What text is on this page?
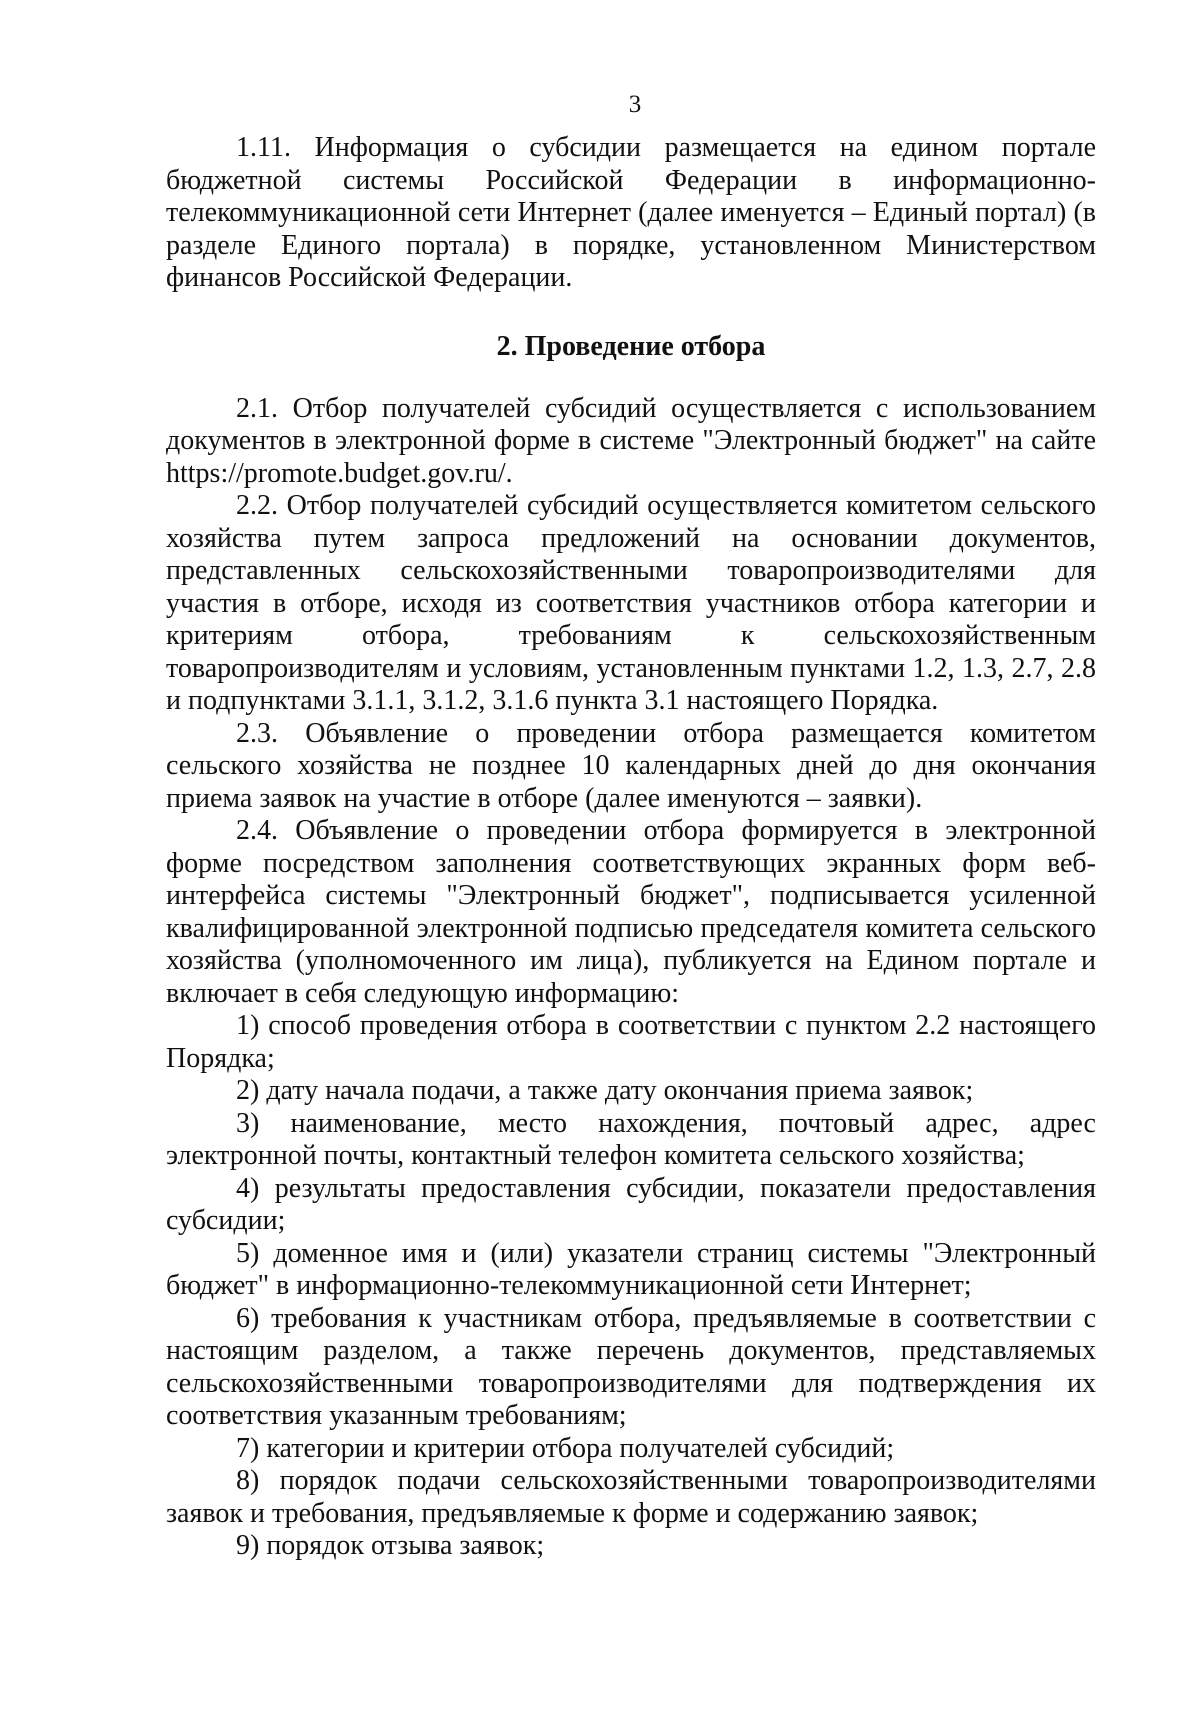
3

1.11. Информация о субсидии размещается на едином портале бюджетной системы Российской Федерации в информационно-телекоммуникационной сети Интернет (далее именуется – Единый портал) (в разделе Единого портала) в порядке, установленном Министерством финансов Российской Федерации.

2. Проведение отбора

2.1. Отбор получателей субсидий осуществляется с использованием документов в электронной форме в системе "Электронный бюджет" на сайте https://promote.budget.gov.ru/.

2.2. Отбор получателей субсидий осуществляется комитетом сельского хозяйства путем запроса предложений на основании документов, представленных сельскохозяйственными товаропроизводителями для участия в отборе, исходя из соответствия участников отбора категории и критериям отбора, требованиям к сельскохозяйственным товаропроизводителям и условиям, установленным пунктами 1.2, 1.3, 2.7, 2.8 и подпунктами 3.1.1, 3.1.2, 3.1.6 пункта 3.1 настоящего Порядка.

2.3. Объявление о проведении отбора размещается комитетом сельского хозяйства не позднее 10 календарных дней до дня окончания приема заявок на участие в отборе (далее именуются – заявки).

2.4. Объявление о проведении отбора формируется в электронной форме посредством заполнения соответствующих экранных форм веб-интерфейса системы "Электронный бюджет", подписывается усиленной квалифицированной электронной подписью председателя комитета сельского хозяйства (уполномоченного им лица), публикуется на Едином портале и включает в себя следующую информацию:

1) способ проведения отбора в соответствии с пунктом 2.2 настоящего Порядка;

2) дату начала подачи, а также дату окончания приема заявок;

3) наименование, место нахождения, почтовый адрес, адрес электронной почты, контактный телефон комитета сельского хозяйства;

4) результаты предоставления субсидии, показатели предоставления субсидии;

5) доменное имя и (или) указатели страниц системы "Электронный бюджет" в информационно-телекоммуникационной сети Интернет;

6) требования к участникам отбора, предъявляемые в соответствии с настоящим разделом, а также перечень документов, представляемых сельскохозяйственными товаропроизводителями для подтверждения их соответствия указанным требованиям;

7) категории и критерии отбора получателей субсидий;

8) порядок подачи сельскохозяйственными товаропроизводителями заявок и требования, предъявляемые к форме и содержанию заявок;

9) порядок отзыва заявок;
